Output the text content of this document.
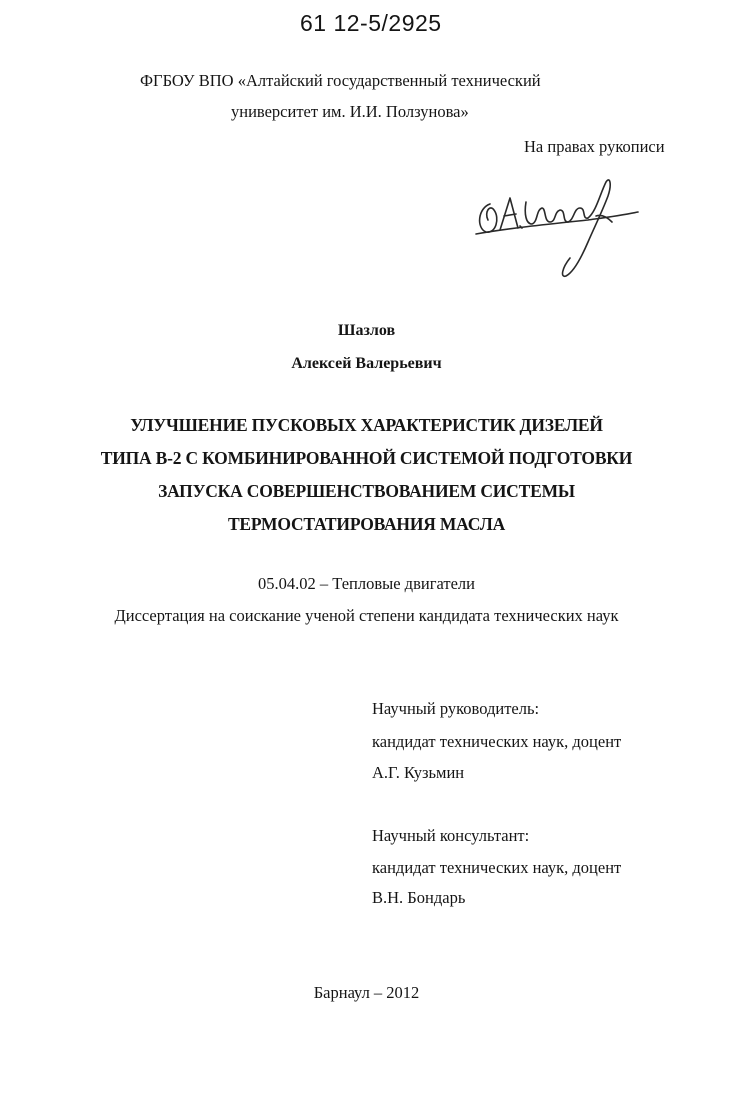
61 12-5/2925
ФГБОУ ВПО «Алтайский государственный технический
университет им. И.И. Ползунова»
На правах рукописи
Шазлов
Алексей Валерьевич
УЛУЧШЕНИЕ ПУСКОВЫХ ХАРАКТЕРИСТИК ДИЗЕЛЕЙ
ТИПА В-2 С КОМБИНИРОВАННОЙ СИСТЕМОЙ ПОДГОТОВКИ
ЗАПУСКА СОВЕРШЕНСТВОВАНИЕМ СИСТЕМЫ
ТЕРМОСТАТИРОВАНИЯ МАСЛА
05.04.02 – Тепловые двигатели
Диссертация на соискание ученой степени кандидата технических наук
Научный руководитель:
кандидат технических наук, доцент
А.Г. Кузьмин
Научный консультант:
кандидат технических наук, доцент
В.Н. Бондарь
Барнаул – 2012
